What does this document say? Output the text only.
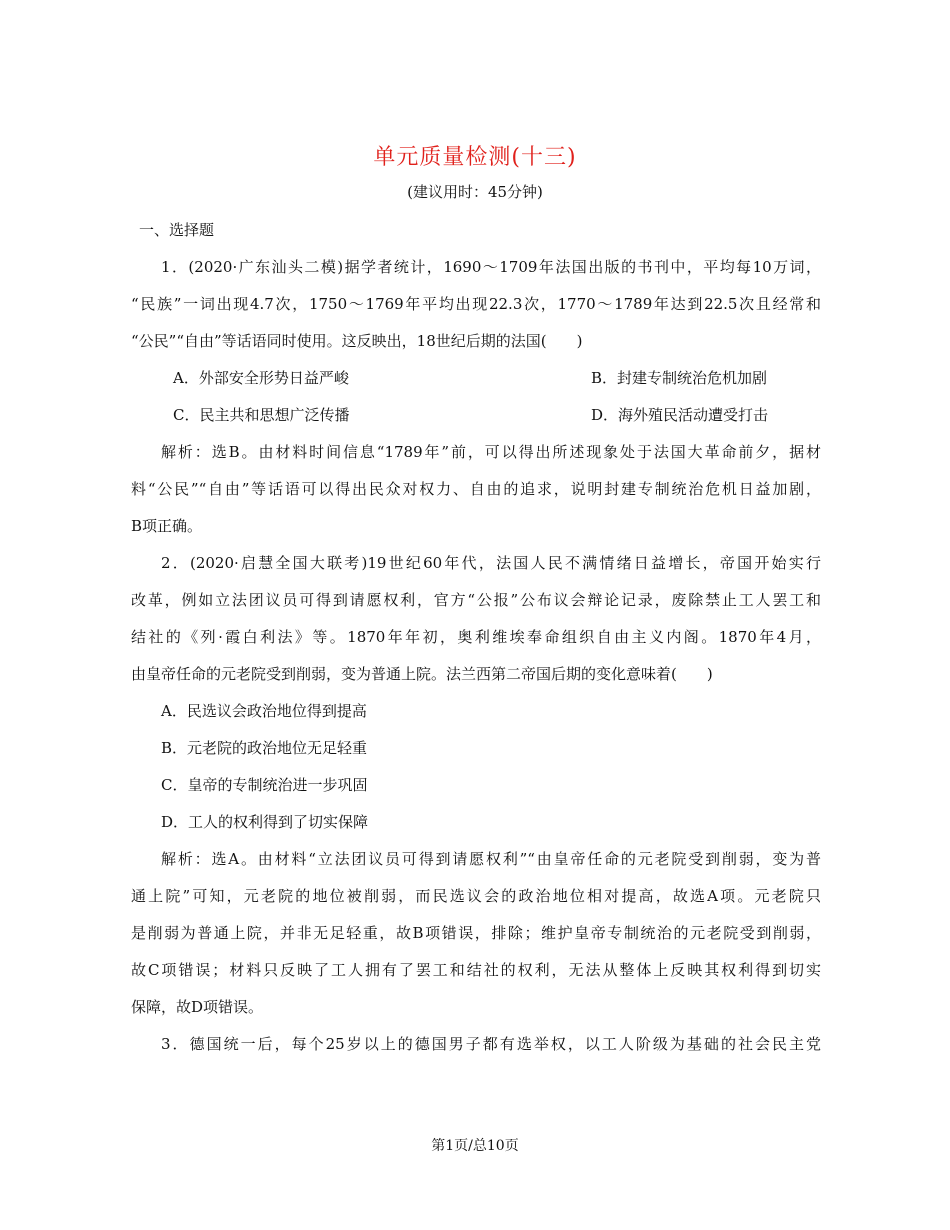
单元质量检测(十三)
(建议用时：45分钟)
一、选择题
1．(2020·广东汕头二模)据学者统计，1690～1709年法国出版的书刊中，平均每10万词，
“民族”一词出现4.7次，1750～1769年平均出现22.3次，1770～1789年达到22.5次且经常和
“公民”“自由”等话语同时使用。这反映出，18世纪后期的法国(　　)
A．外部安全形势日益严峻	B．封建专制统治危机加剧
C．民主共和思想广泛传播	D．海外殖民活动遭受打击
解析：选B。由材料时间信息“1789年”前，可以得出所述现象处于法国大革命前夕，据材
料“公民”“自由”等话语可以得出民众对权力、自由的追求，说明封建专制统治危机日益加剧，
B项正确。
2．(2020·启慧全国大联考)19世纪60年代，法国人民不满情绪日益增长，帝国开始实行
改革，例如立法团议员可得到请愿权利，官方“公报”公布议会辩论记录，废除禁止工人罢工和
结社的《列·霞白利法》等。1870年年初，奥利维埃奉命组织自由主义内阁。1870年4月，
由皇帝任命的元老院受到削弱，变为普通上院。法兰西第二帝国后期的变化意味着(　　)
A．民选议会政治地位得到提高
B．元老院的政治地位无足轻重
C．皇帝的专制统治进一步巩固
D．工人的权利得到了切实保障
解析：选A。由材料“立法团议员可得到请愿权利”“由皇帝任命的元老院受到削弱，变为普
通上院”可知，元老院的地位被削弱，而民选议会的政治地位相对提高，故选A项。元老院只
是削弱为普通上院，并非无足轻重，故B项错误，排除；维护皇帝专制统治的元老院受到削弱，
故C项错误；材料只反映了工人拥有了罢工和结社的权利，无法从整体上反映其权利得到切实
保障，故D项错误。
3．德国统一后，每个25岁以上的德国男子都有选举权，以工人阶级为基础的社会民主党
第1页/总10页
